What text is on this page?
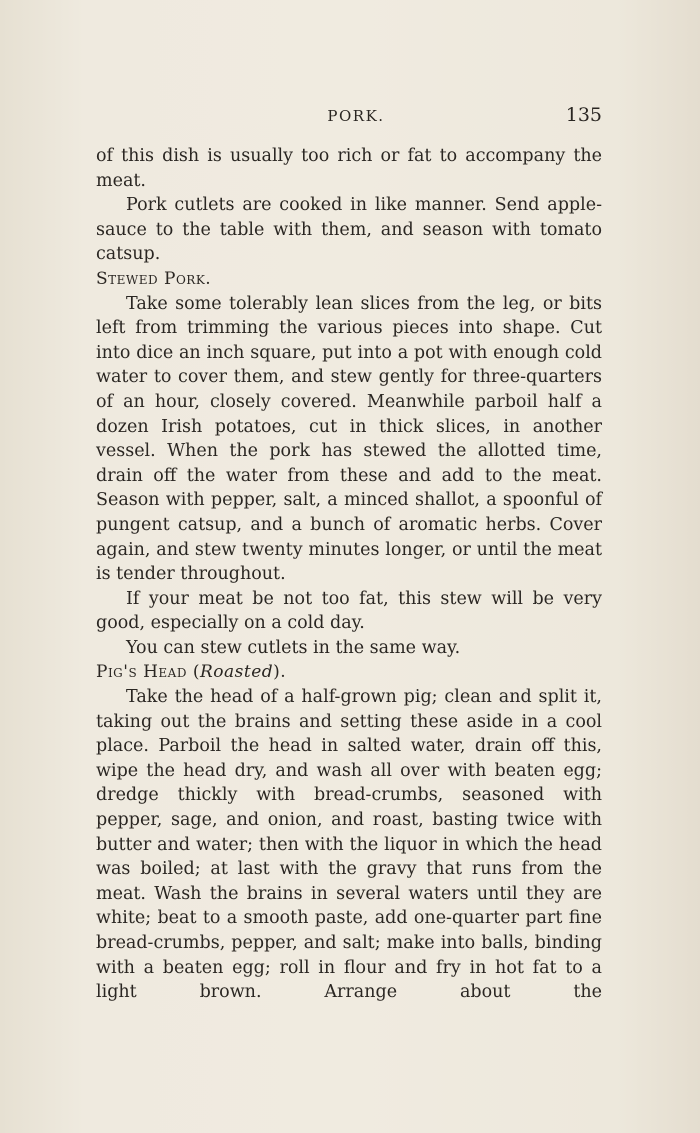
PORK.	135

of this dish is usually too rich or fat to accompany the meat.

Pork cutlets are cooked in like manner. Send apple-sauce to the table with them, and season with tomato catsup.

Stewed Pork.

Take some tolerably lean slices from the leg, or bits left from trimming the various pieces into shape. Cut into dice an inch square, put into a pot with enough cold water to cover them, and stew gently for three-quarters of an hour, closely covered. Meanwhile parboil half a dozen Irish potatoes, cut in thick slices, in another vessel. When the pork has stewed the allotted time, drain off the water from these and add to the meat. Season with pepper, salt, a minced shallot, a spoonful of pungent catsup, and a bunch of aromatic herbs. Cover again, and stew twenty minutes longer, or until the meat is tender throughout.

If your meat be not too fat, this stew will be very good, especially on a cold day.

You can stew cutlets in the same way.

Pig's Head (Roasted).

Take the head of a half-grown pig; clean and split it, taking out the brains and setting these aside in a cool place. Parboil the head in salted water, drain off this, wipe the head dry, and wash all over with beaten egg; dredge thickly with bread-crumbs, seasoned with pepper, sage, and onion, and roast, basting twice with butter and water; then with the liquor in which the head was boiled; at last with the gravy that runs from the meat. Wash the brains in several waters until they are white; beat to a smooth paste, add one-quarter part fine bread-crumbs, pepper, and salt; make into balls, binding with a beaten egg; roll in flour and fry in hot fat to a light brown. Arrange about the
